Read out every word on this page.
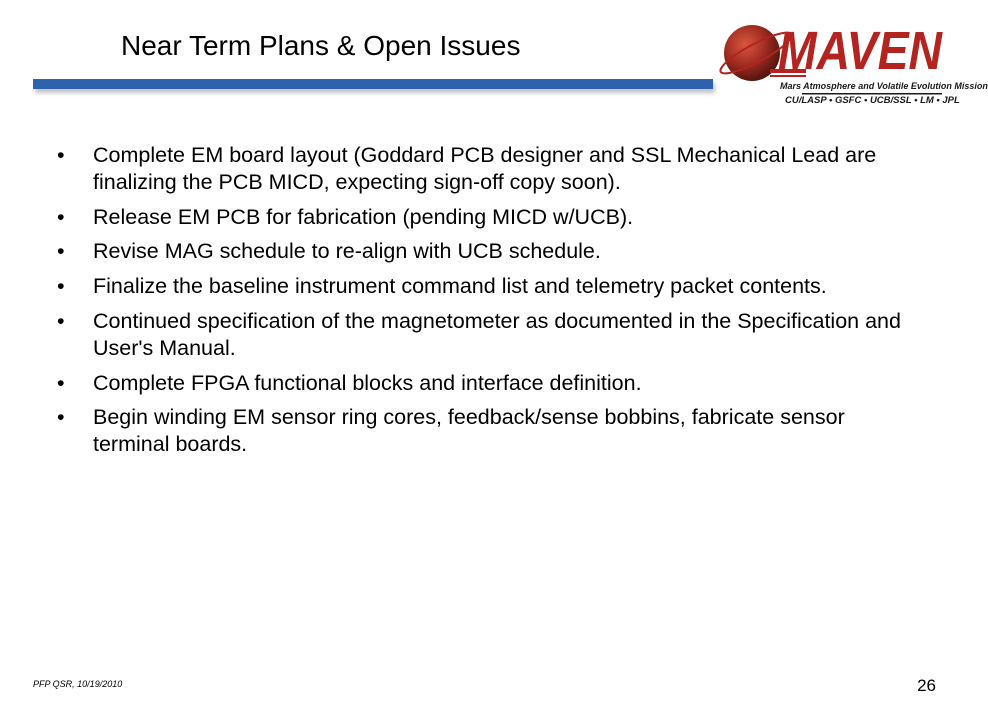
Near Term Plans & Open Issues	MAVEN
Mars Atmosphere and Volatile Evolution Mission
CU/LASP • GSFC • UCB/SSL • LM • JPL
• Complete EM board layout (Goddard PCB designer and SSL Mechanical Lead are finalizing the PCB MICD, expecting sign-off copy soon).
• Release EM PCB for fabrication (pending MICD w/UCB).
• Revise MAG schedule to re-align with UCB schedule.
• Finalize the baseline instrument command list and telemetry packet contents.
• Continued specification of the magnetometer as documented in the Specification and User's Manual.
• Complete FPGA functional blocks and interface definition.
• Begin winding EM sensor ring cores, feedback/sense bobbins, fabricate sensor terminal boards.
PFP QSR, 10/19/2010	26
